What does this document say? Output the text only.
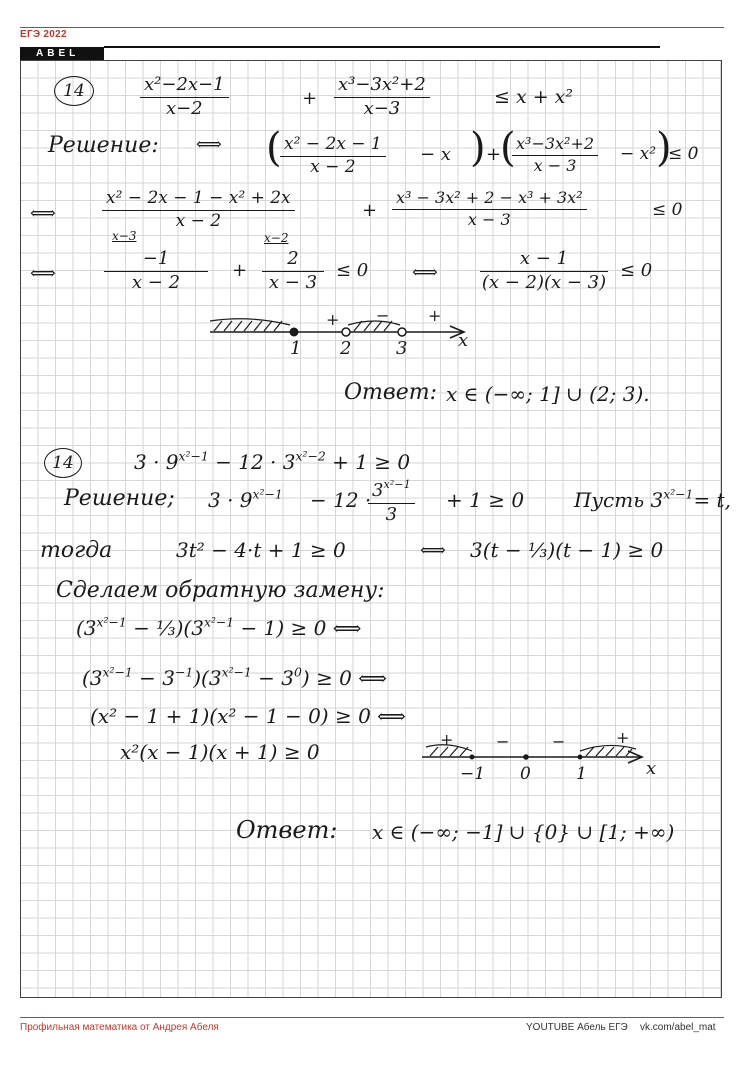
ЕГЭ 2022
ABEL
14	$\frac{\text{x²−2x−1}}{x-2}$	+ $\frac{\text{x³−3x²+2}}{x-3}$	≤ x + x²
Решение: ⟺ (
$\frac{\text{x² − 2x − 1}}{x - 2} - x$ ) +
(
$\frac{\text{x³−3x²+2}}{x - 3} - x^2$ )
≤ 0
⟺	$\frac{\text{x² − 2x − 1 − x² + 2x}}{x - 2}$	+ $\frac{\text{x³ − 3x² + 2 − x³ + 3x²}}{x - 3}$	≤ 0
⟺
x−3
$\frac{-1}{x - 2}$ +
x−2
$\frac{2}{x - 3} \le 0$ ⟺ $\frac{x - 1}{(x - 2)(x - 3)} \le 0$
1 2 3
+ − +
x
Ответ: x ∈ (−∞; 1] ∪ (2; 3).
14	$3 \cdot 9^{x^2-1} - 12 \cdot 3^{x^2-2} + 1 \ge 0$
Решение; $3 \cdot 9^{x^2-1} - 12$ ·
$\frac{3^{x^2-1}}{3} + 1 \ge 0$ Пусть $3^{x^2-1}= t$,
тогда	3t² − 4·t + 1 ≥ 0	⟺ 3(t − ⅓)(t − 1) ≥ 0
Сделаем обратную замену:
($3^{x^2-1}$ − $\frac{1}{3})(3^{x^2-1} - 1) \ge 0$ ⟺
$(3^{x^2-1} - 3^{-1})(3^{x^2-1} - 3^0) \ge 0$ ⟺
(x² − 1 + 1)(x² − 1 − 0) ≥ 0 ⟺
x²(x − 1)(x + 1) ≥ 0
−1 0	1
+	−	−	+
x
Ответ: x ∈ (−∞; −1] ∪ {0} ∪ [1; +∞)
Профильная математика от Андрея Абеля	YOUTUBE Абель ЕГЭ vk.com/abel_mat
